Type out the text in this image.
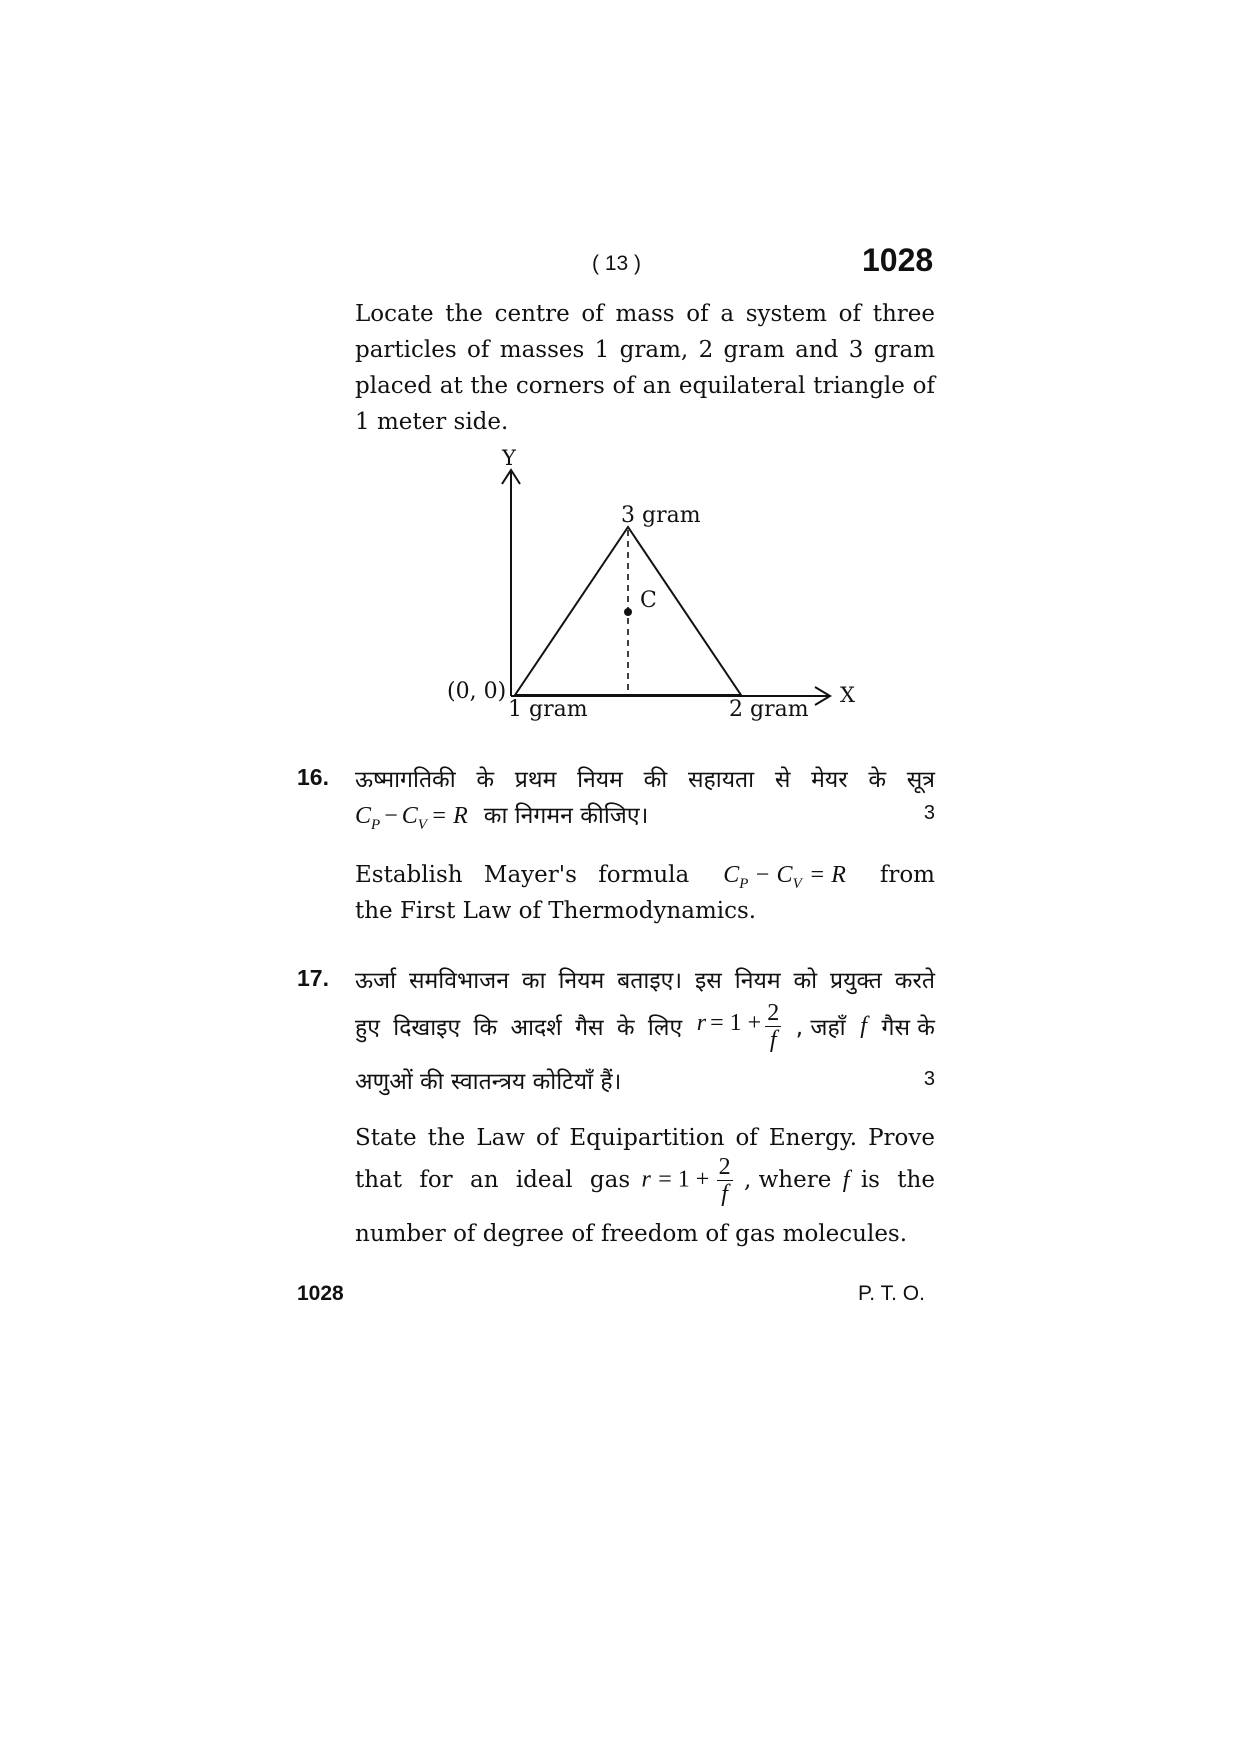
( 13 )	1028
Locate the centre of mass of a system of three
particles of masses 1 gram, 2 gram and 3 gram
placed at the corners of an equilateral triangle of
1 meter side.
Y
X
3 gram
C
(0, 0)
1 gram	2 gram
16. ऊष्मागतिकी के प्रथम नियम की सहायता से मेयर के सूत्र
$C_P - C_V = R$ का निगमन कीजिए।	3
Establish Mayer's formula $C_P - C_V = R$ from
the First Law of Thermodynamics.
17. ऊर्जा समविभाजन का नियम बताइए। इस नियम को प्रयुक्त करते
हुए दिखाइए कि आदर्श गैस के लिए $r = 1 + \frac{2}{f}$ , जहाँ f गैस के
अणुओं की स्वातन्त्रय कोटियाँ हैं।	3
State the Law of Equipartition of Energy. Prove
that for an ideal gas $r = 1 + \frac{2}{f}$ , where f is the
number of degree of freedom of gas molecules.
1028	P. T. O.
